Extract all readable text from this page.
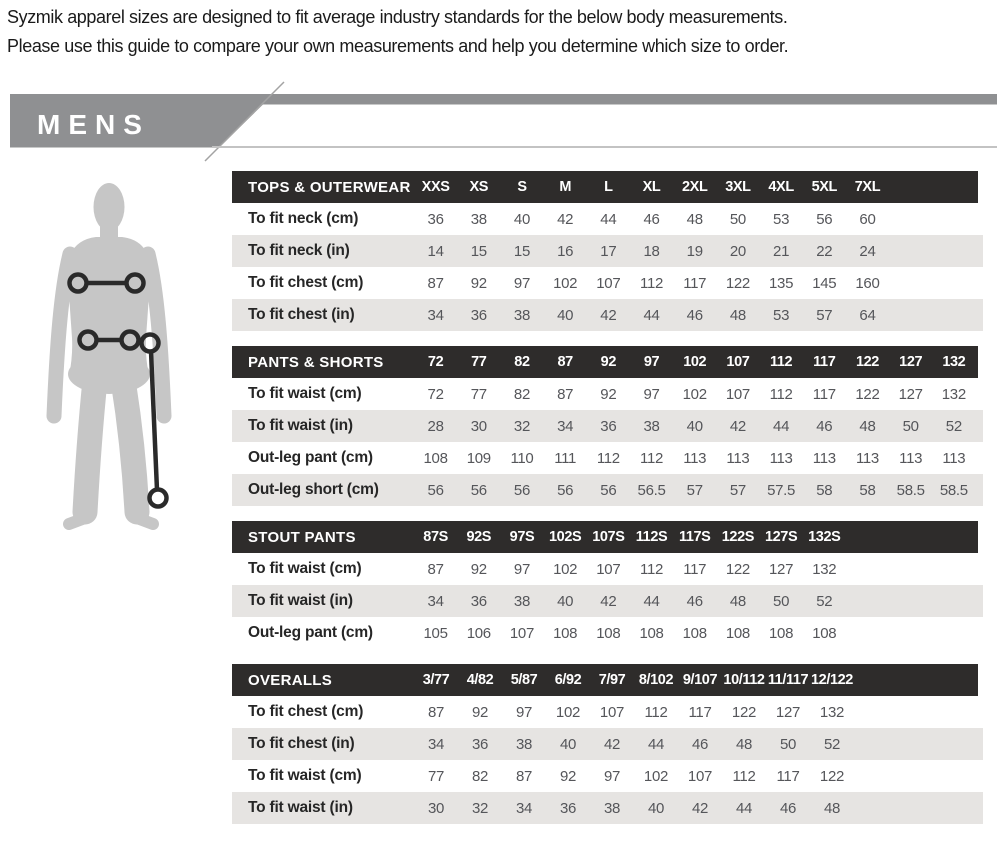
Syzmik apparel sizes are designed to fit average industry standards for the below body measurements.
Please use this guide to compare your own measurements and help you determine which size to order.
MENS
TOPS & OUTERWEAR XXS	XS	S	M	L	XL	2XL	3XL	4XL	5XL	7XL
To fit neck (cm)	36	38	40	42	44	46	48	50	53	56	60
To fit neck (in)	14	15	15	16	17	18	19	20	21	22	24
To fit chest (cm)	87	92	97	102	107	112	117	122	135	145	160
To fit chest (in)	34	36	38	40	42	44	46	48	53	57	64
PANTS & SHORTS	72	77	82	87	92	97	102	107	112	117	122	127	132
To fit waist (cm)	72	77	82	87	92	97	102	107	112	117	122	127	132
To fit waist (in)	28	30	32	34	36	38	40	42	44	46	48	50	52
Out-leg pant (cm)	108	109	110	111	112	112	113	113	113	113	113	113	113
Out-leg short (cm)	56	56	56	56	56	56.5	57	57	57.5	58	58	58.5	58.5
STOUT PANTS	87S	92S	97S	102S 107S 112S 117S 122S 127S 132S
To fit waist (cm)	87	92	97	102	107	112	117	122	127	132
To fit waist (in)	34	36	38	40	42	44	46	48	50	52
Out-leg pant (cm)	105	106	107	108	108	108	108	108	108	108
OVERALLS	3/77	4/82	5/87	6/92	7/97 8/102 9/107 10/112 11/117 12/122
To fit chest (cm)	87	92	97	102	107	112	117	122	127	132
To fit chest (in)	34	36	38	40	42	44	46	48	50	52
To fit waist (cm)	77	82	87	92	97	102	107	112	117	122
To fit waist (in)	30	32	34	36	38	40	42	44	46	48
